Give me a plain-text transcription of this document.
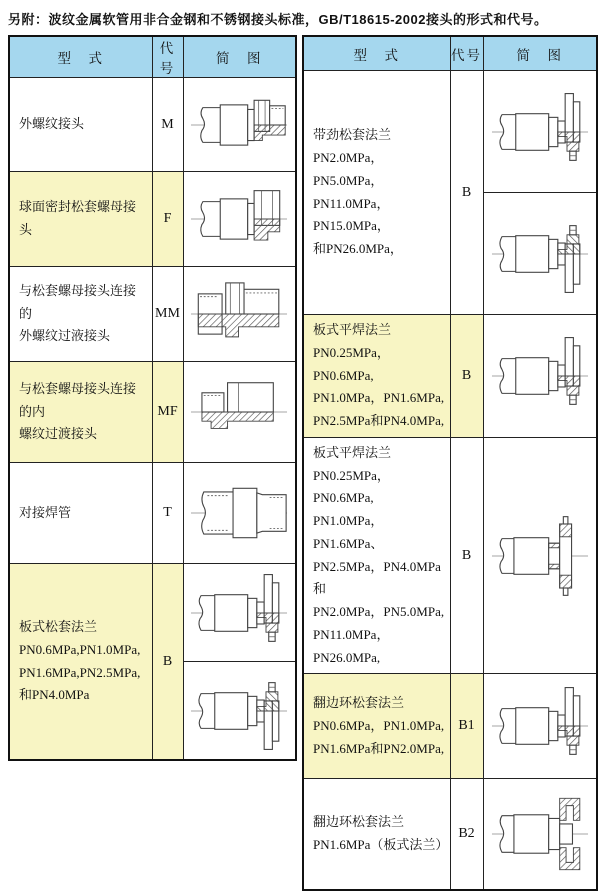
另附：波纹金属软管用非合金钢和不锈钢接头标准，GB/T18615-2002接头的形式和代号。
型　式	代号	简　图

外螺纹接头	M	

球面密封松套螺母接头	F	

与松套螺母接头连接的
外螺纹过液接头	MM	

与松套螺母接头连接的内
螺纹过渡接头	MF	

对接焊管	T	

板式松套法兰
PN0.6MPa,PN1.0MPa,
PN1.6MPa,PN2.5MPa,
和PN4.0MPa	B	
型　式	代号	简　图

带劲松套法兰
PN2.0MPa，PN5.0MPa，
PN11.0MPa，PN15.0MPa，
和PN26.0MPa，	B	

板式平焊法兰
PN0.25MPa，PN0.6MPa,
PN1.0MPa，PN1.6MPa,
PN2.5MPa和PN4.0MPa,	B	

板式平焊法兰
PN0.25MPa，PN0.6MPa,
PN1.0MPa，PN1.6MPa、
PN2.5MPa，PN4.0MPa和
PN2.0MPa，PN5.0MPa,
PN11.0MPa，PN26.0MPa,
	B	

翻边环松套法兰
PN0.6MPa，PN1.0MPa,
PN1.6MPa和PN2.0MPa,	B1	

翻边环松套法兰
PN1.6MPa（板式法兰）	B2	
